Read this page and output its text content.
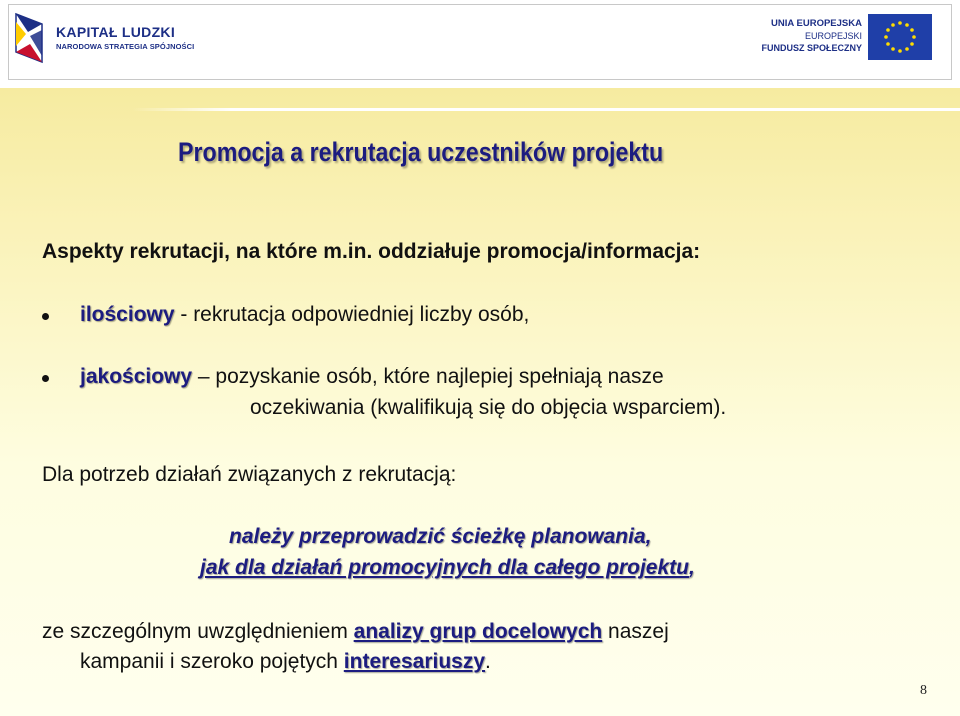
KAPITAŁ LUDZKI
NARODOWA STRATEGIA SPÓJNOŚCI
UNIA EUROPEJSKA
EUROPEJSKI
FUNDUSZ SPOŁECZNY
Promocja a rekrutacja uczestników projektu
Aspekty rekrutacji, na które m.in. oddziałuje promocja/informacja:
ilościowy - rekrutacja odpowiedniej liczby osób,
jakościowy – pozyskanie osób, które najlepiej spełniają nasze
oczekiwania (kwalifikują się do objęcia wsparciem).
Dla potrzeb działań związanych z rekrutacją:
należy przeprowadzić ścieżkę planowania,
jak dla działań promocyjnych dla całego projektu,
ze szczególnym uwzględnieniem analizy grup docelowych naszej
kampanii i szeroko pojętych interesariuszy.
8
